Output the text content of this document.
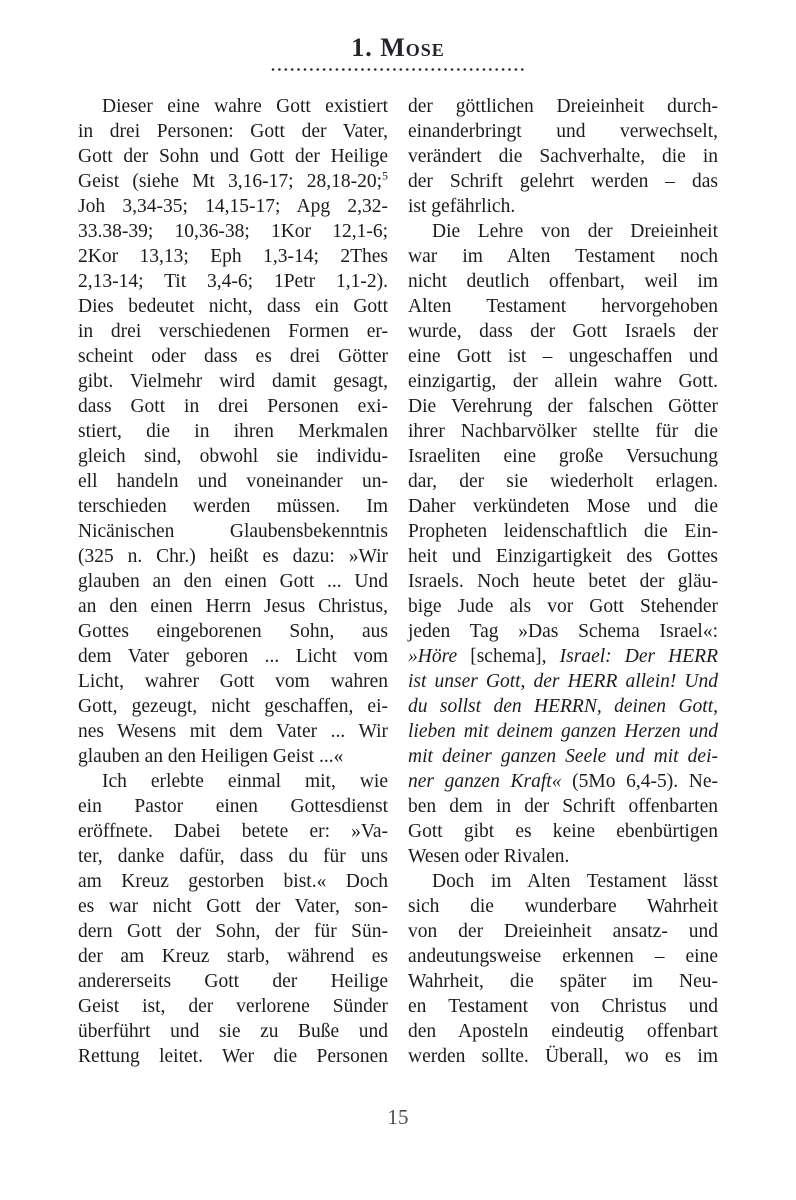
1. Mose
Dieser eine wahre Gott existiert
in drei Personen: Gott der Vater,
Gott der Sohn und Gott der Heilige
Geist (siehe Mt 3,16-17; 28,18-20;$^5$
Joh 3,34-35; 14,15-17; Apg 2,32-
33.38-39; 10,36-38; 1Kor 12,1-6;
2Kor 13,13; Eph 1,3-14; 2Thes
2,13-14; Tit 3,4-6; 1Petr 1,1-2).
Dies bedeutet nicht, dass ein Gott
in drei verschiedenen Formen er-
scheint oder dass es drei Götter
gibt. Vielmehr wird damit gesagt,
dass Gott in drei Personen exi-
stiert, die in ihren Merkmalen
gleich sind, obwohl sie individu-
ell handeln und voneinander un-
terschieden werden müssen. Im
Nicänischen Glaubensbekenntnis
(325 n. Chr.) heißt es dazu: »Wir
glauben an den einen Gott ... Und
an den einen Herrn Jesus Christus,
Gottes eingeborenen Sohn, aus
dem Vater geboren ... Licht vom
Licht, wahrer Gott vom wahren
Gott, gezeugt, nicht geschaffen, ei-
nes Wesens mit dem Vater ... Wir
glauben an den Heiligen Geist ...«
Ich erlebte einmal mit, wie
ein Pastor einen Gottesdienst
eröffnete. Dabei betete er: »Va-
ter, danke dafür, dass du für uns
am Kreuz gestorben bist.« Doch
es war nicht Gott der Vater, son-
dern Gott der Sohn, der für Sün-
der am Kreuz starb, während es
andererseits Gott der Heilige
Geist ist, der verlorene Sünder
überführt und sie zu Buße und
Rettung leitet. Wer die Personen
der göttlichen Dreieinheit durch-
einanderbringt und verwechselt,
verändert die Sachverhalte, die in
der Schrift gelehrt werden – das
ist gefährlich.
Die Lehre von der Dreieinheit
war im Alten Testament noch
nicht deutlich offenbart, weil im
Alten Testament hervorgehoben
wurde, dass der Gott Israels der
eine Gott ist – ungeschaffen und
einzigartig, der allein wahre Gott.
Die Verehrung der falschen Götter
ihrer Nachbarvölker stellte für die
Israeliten eine große Versuchung
dar, der sie wiederholt erlagen.
Daher verkündeten Mose und die
Propheten leidenschaftlich die Ein-
heit und Einzigartigkeit des Gottes
Israels. Noch heute betet der gläu-
bige Jude als vor Gott Stehender
jeden Tag »Das Schema Israel«:
»Höre [schema], Israel: Der HERR
ist unser Gott, der HERR allein! Und
du sollst den HERRN, deinen Gott,
lieben mit deinem ganzen Herzen und
mit deiner ganzen Seele und mit dei-
ner ganzen Kraft« (5Mo 6,4-5). Ne-
ben dem in der Schrift offenbarten
Gott gibt es keine ebenbürtigen
Wesen oder Rivalen.
Doch im Alten Testament lässt
sich die wunderbare Wahrheit
von der Dreieinheit ansatz- und
andeutungsweise erkennen – eine
Wahrheit, die später im Neu-
en Testament von Christus und
den Aposteln eindeutig offenbart
werden sollte. Überall, wo es im
15
